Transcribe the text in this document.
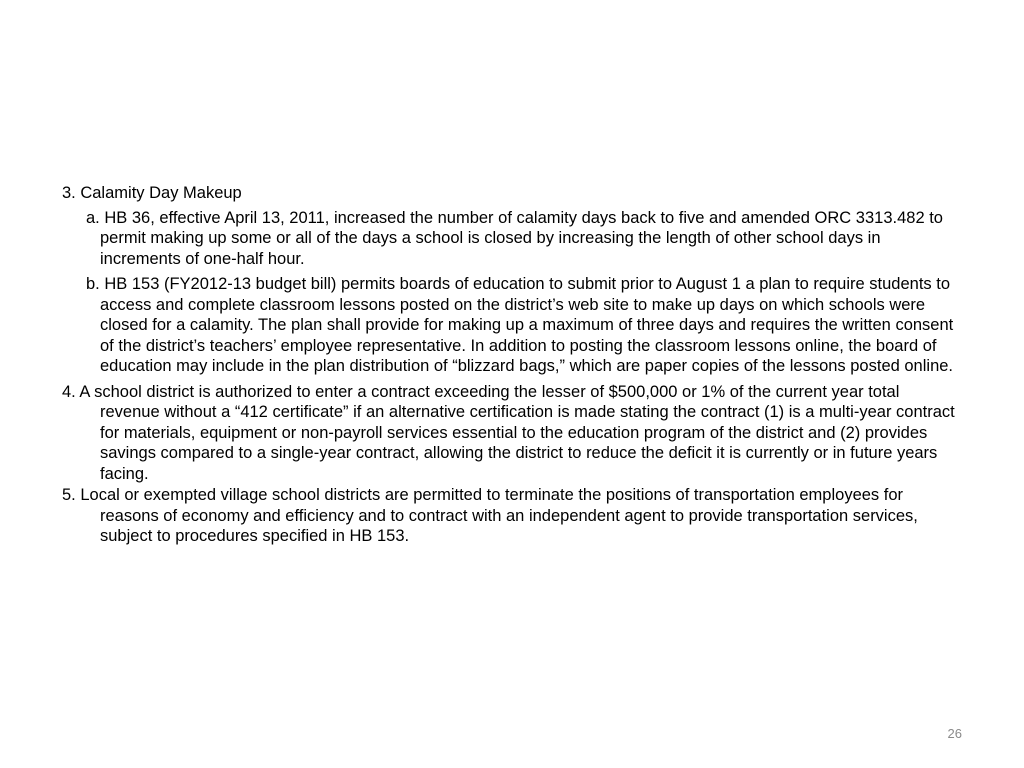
3. Calamity Day Makeup
a. HB 36, effective April 13, 2011, increased the number of calamity days back to five and amended ORC 3313.482 to permit making up some or all of the days a school is closed by increasing the length of other school days in increments of one-half hour.
b. HB 153 (FY2012-13 budget bill) permits boards of education to submit prior to August 1 a plan to require students to access and complete classroom lessons posted on the district’s web site to make up days on which schools were closed for a calamity. The plan shall provide for making up a maximum of three days and requires the written consent of the district’s teachers’ employee representative. In addition to posting the classroom lessons online, the board of education may include in the plan distribution of “blizzard bags,” which are paper copies of the lessons posted online.
4. A school district is authorized to enter a contract exceeding the lesser of $500,000 or 1% of the current year total revenue without a “412 certificate” if an alternative certification is made stating the contract (1) is a multi-year contract for materials, equipment or non-payroll services essential to the education program of the district and (2) provides savings compared to a single-year contract, allowing the district to reduce the deficit it is currently or in future years facing.
5. Local or exempted village school districts are permitted to terminate the positions of transportation employees for reasons of economy and efficiency and to contract with an independent agent to provide transportation services, subject to procedures specified in HB 153.
26
